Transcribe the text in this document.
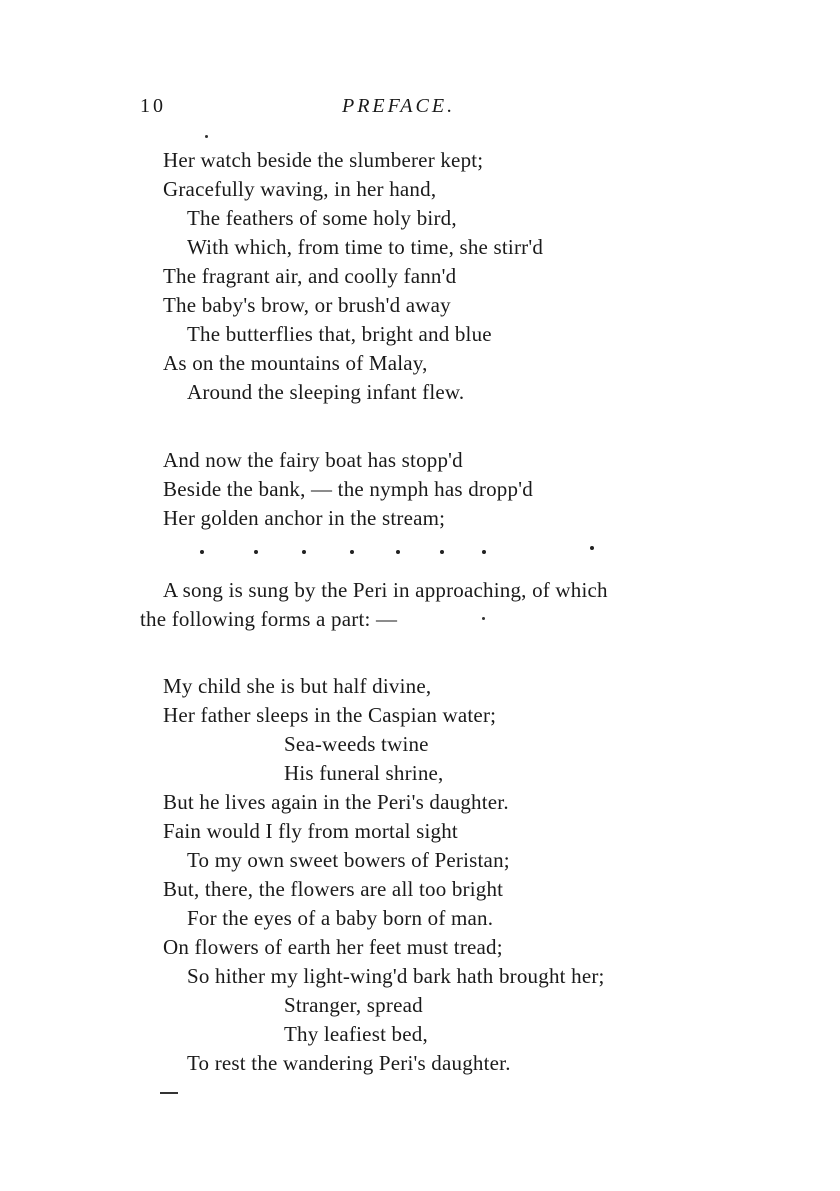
10	PREFACE.
Her watch beside the slumberer kept;
Gracefully waving, in her hand,
The feathers of some holy bird,
With which, from time to time, she stirr'd
The fragrant air, and coolly fann'd
The baby's brow, or brush'd away
The butterflies that, bright and blue
As on the mountains of Malay,
Around the sleeping infant flew.
And now the fairy boat has stopp'd
Beside the bank, — the nymph has dropp'd
Her golden anchor in the stream;
A song is sung by the Peri in approaching, of which
the following forms a part: —
My child she is but half divine,
Her father sleeps in the Caspian water;
Sea-weeds twine
His funeral shrine,
But he lives again in the Peri's daughter.
Fain would I fly from mortal sight
To my own sweet bowers of Peristan;
But, there, the flowers are all too bright
For the eyes of a baby born of man.
On flowers of earth her feet must tread;
So hither my light-wing'd bark hath brought her;
Stranger, spread
Thy leafiest bed,
To rest the wandering Peri's daughter.
